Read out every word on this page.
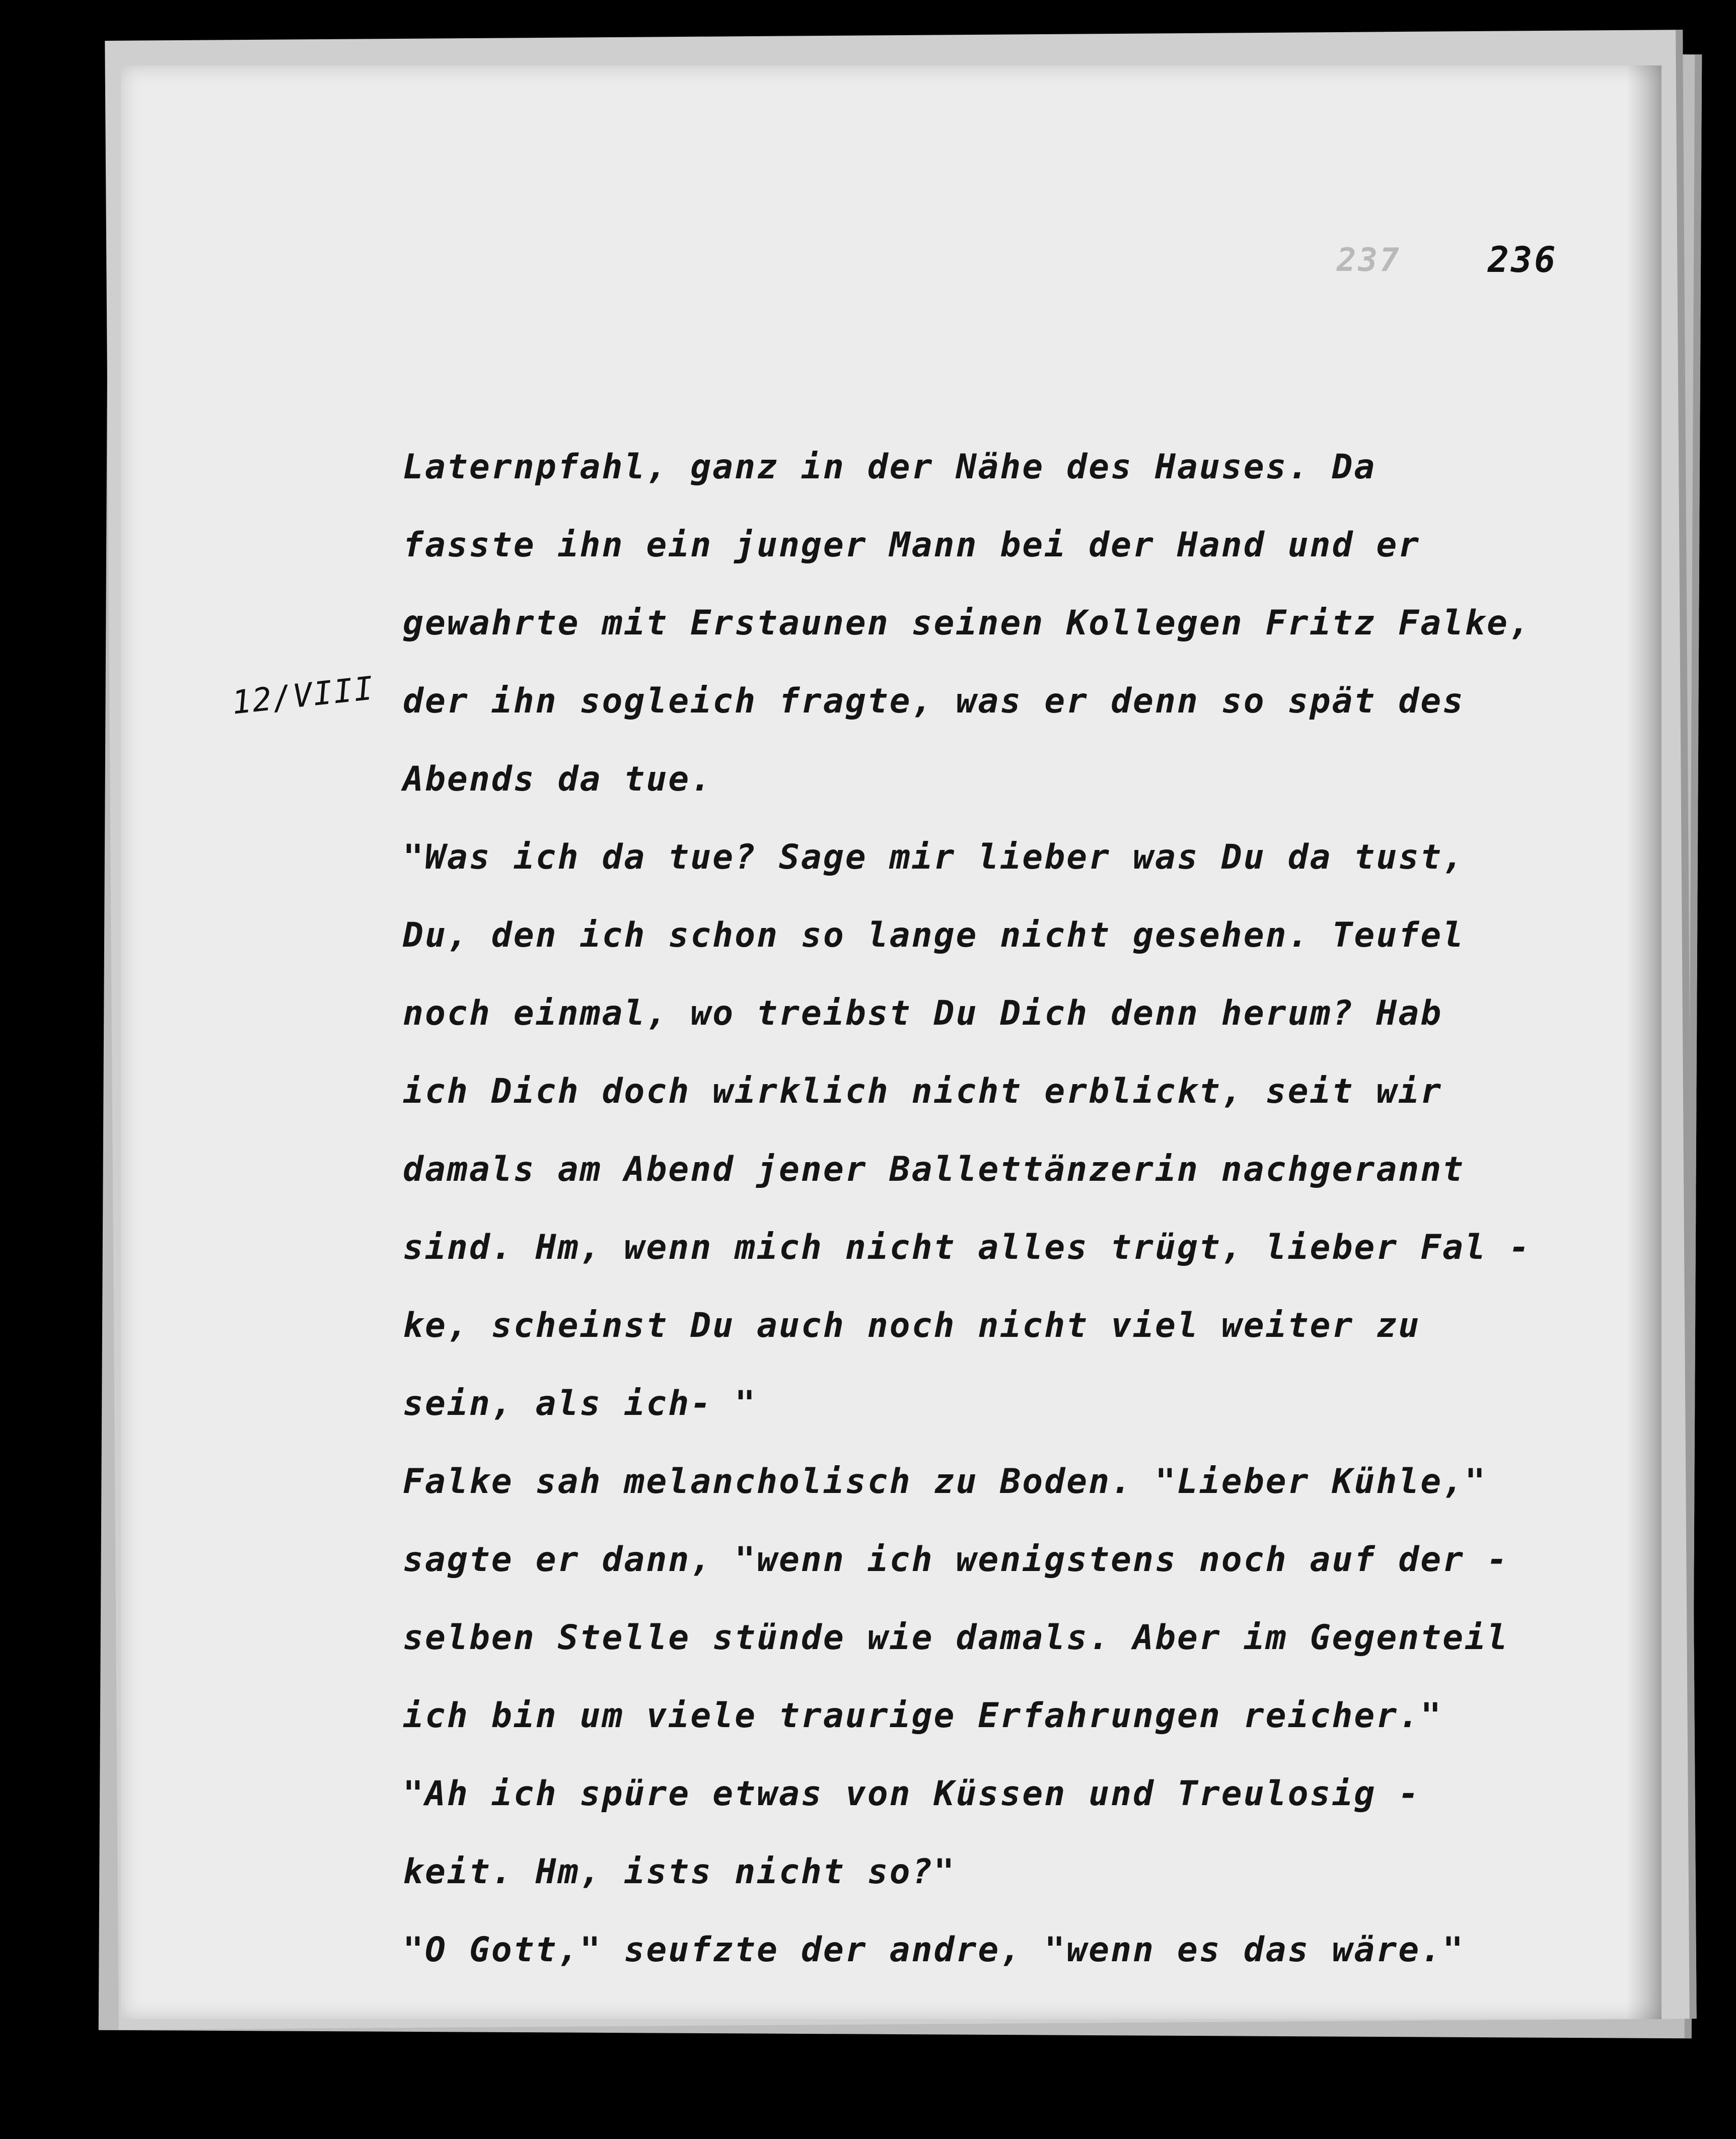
237 236
12/VIII
Laternpfahl, ganz in der Nähe des Hauses. Da
fasste ihn ein junger Mann bei der Hand und er
gewahrte mit Erstaunen seinen Kollegen Fritz Falke,
der ihn sogleich fragte, was er denn so spät des
Abends da tue.
"Was ich da tue? Sage mir lieber was Du da tust,
Du, den ich schon so lange nicht gesehen. Teufel
noch einmal, wo treibst Du Dich denn herum? Hab
ich Dich doch wirklich nicht erblickt, seit wir
damals am Abend jener Ballettänzerin nachgerannt
sind. Hm, wenn mich nicht alles trügt, lieber Fal -
ke, scheinst Du auch noch nicht viel weiter zu
sein, als ich- "
Falke sah melancholisch zu Boden. "Lieber Kühle,"
sagte er dann, "wenn ich wenigstens noch auf der -
selben Stelle stünde wie damals. Aber im Gegenteil
ich bin um viele traurige Erfahrungen reicher."
"Ah ich spüre etwas von Küssen und Treulosig -
keit. Hm, ists nicht so?"
"O Gott," seufzte der andre, "wenn es das wäre."
